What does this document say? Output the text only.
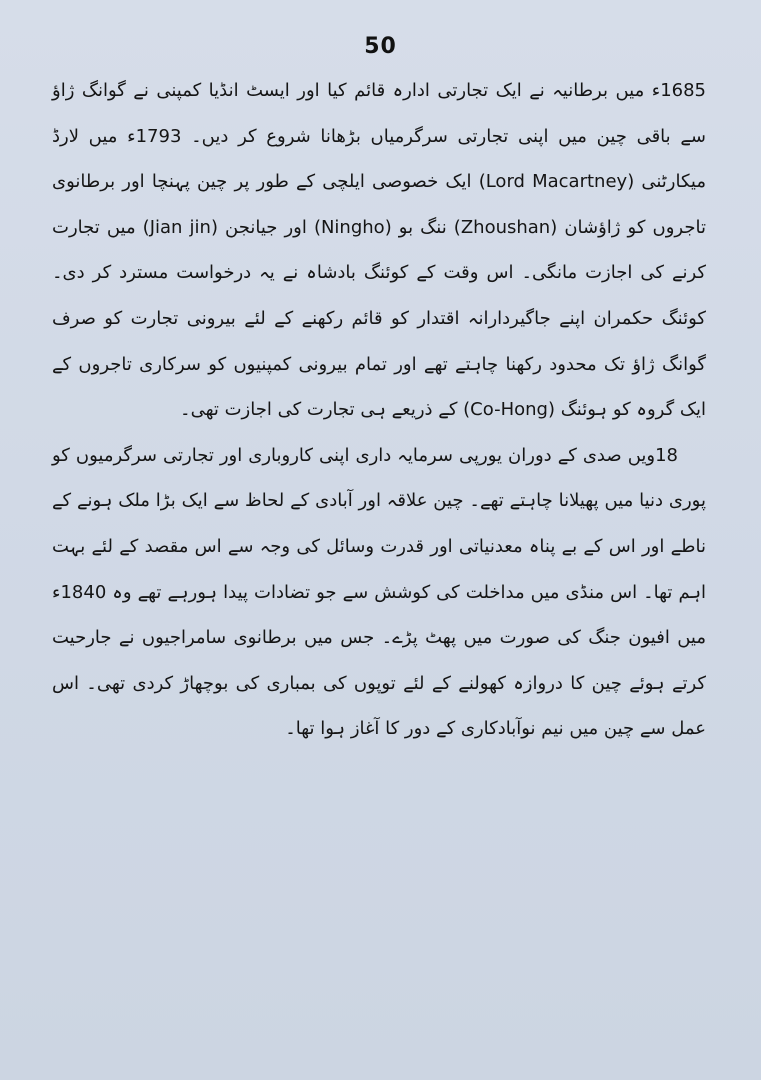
50

1685ء میں برطانیہ نے ایک تجارتی ادارہ قائم کیا اور ایسٹ انڈیا کمپنی نے گوانگ ژاؤ سے باقی چین میں اپنی تجارتی سرگرمیاں بڑھانا شروع کر دیں۔ 1793ء میں لارڈ میکارٹنی (Lord Macartney) ایک خصوصی ایلچی کے طور پر چین پہنچا اور برطانوی تاجروں کو ژاؤشان (Zhoushan) ننگ بو (Ningho) اور جیانجن (Jian jin) میں تجارت کرنے کی اجازت مانگی۔ اس وقت کے کوئنگ بادشاہ نے یہ درخواست مسترد کر دی۔ کوئنگ حکمران اپنے جاگیردارانہ اقتدار کو قائم رکھنے کے لئے بیرونی تجارت کو صرف گوانگ ژاؤ تک محدود رکھنا چاہتے تھے اور تمام بیرونی کمپنیوں کو سرکاری تاجروں کے ایک گروہ کو ہوئنگ (Co-Hong) کے ذریعے ہی تجارت کی اجازت تھی۔

18ویں صدی کے دوران یورپی سرمایہ داری اپنی کاروباری اور تجارتی سرگرمیوں کو پوری دنیا میں پھیلانا چاہتے تھے۔ چین علاقہ اور آبادی کے لحاظ سے ایک بڑا ملک ہونے کے ناطے اور اس کے بے پناہ معدنیاتی اور قدرت وسائل کی وجہ سے اس مقصد کے لئے بہت اہم تھا۔ اس منڈی میں مداخلت کی کوشش سے جو تضادات پیدا ہورہے تھے وہ 1840ء میں افیون جنگ کی صورت میں پھٹ پڑے۔ جس میں برطانوی سامراجیوں نے جارحیت کرتے ہوئے چین کا دروازہ کھولنے کے لئے توپوں کی بمباری کی بوچھاڑ کردی تھی۔ اس عمل سے چین میں نیم نوآبادکاری کے دور کا آغاز ہوا تھا۔
